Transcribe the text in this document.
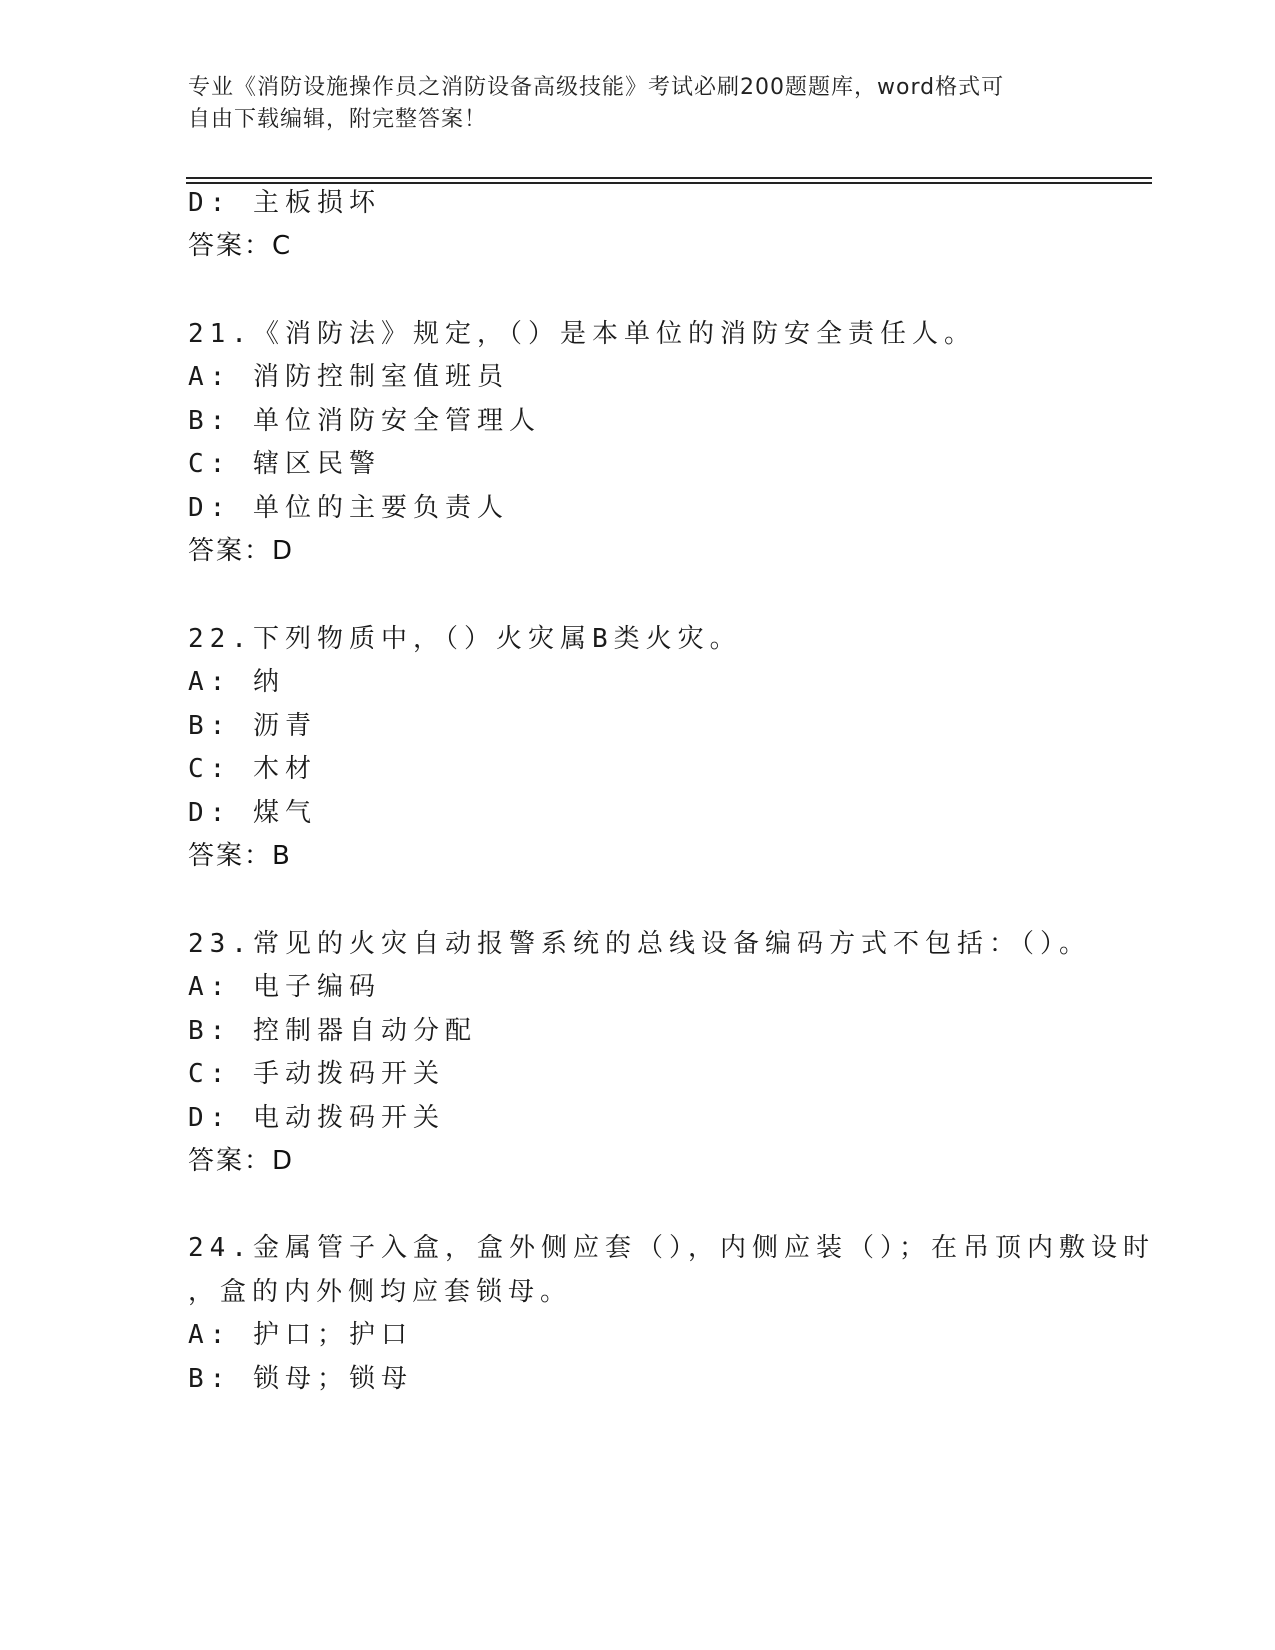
专业《消防设施操作员之消防设备高级技能》考试必刷200题题库，word格式可
自由下载编辑，附完整答案！
D: 主板损坏
答案：C
21.《消防法》规定，（）是本单位的消防安全责任人。
A: 消防控制室值班员
B: 单位消防安全管理人
C: 辖区民警
D: 单位的主要负责人
答案：D
22.下列物质中，（）火灾属B类火灾。
A: 纳
B: 沥青
C: 木材
D: 煤气
答案：B
23.常见的火灾自动报警系统的总线设备编码方式不包括：（）。
A: 电子编码
B: 控制器自动分配
C: 手动拨码开关
D: 电动拨码开关
答案：D
24.金属管子入盒，盒外侧应套（），内侧应装（）；在吊顶内敷设时
，盒的内外侧均应套锁母。
A: 护口；护口
B: 锁母；锁母
